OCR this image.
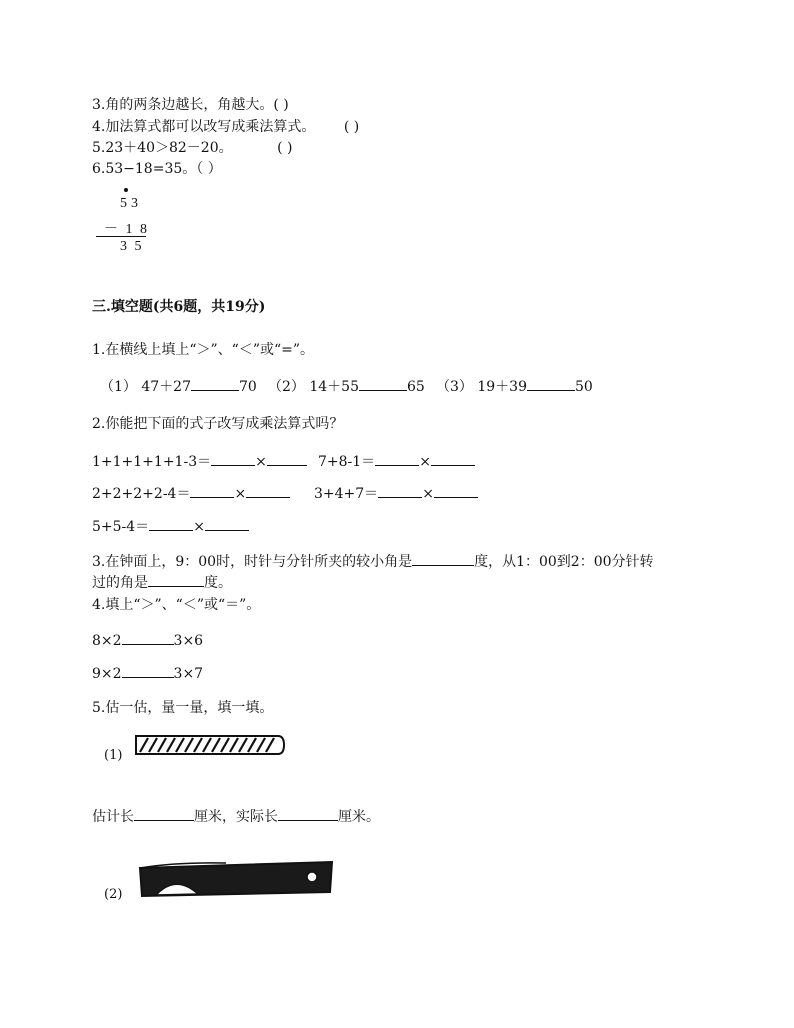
3.角的两条边越长，角越大。( )
4.加法算式都可以改写成乘法算式。 ( )
5.23＋40＞82－20。	( )
6.53−18=35。（ ）
53
－ 1 8
3 5
三.填空题(共6题，共19分)
1.在横线上填上“＞”、“＜”或“=”。
（1） 47＋27	70 （2） 14＋55	65 （3） 19＋39	50
2.你能把下面的式子改写成乘法算式吗？
1+1+1+1+1-3＝	×	7+8-1＝	×
2+2+2+2-4＝	×	3+4+7＝	×
5+5-4＝	×
3.在钟面上，9：00时，时针与分针所夹的较小角是	度，从1：00到2：00分针转
过的角是	度。
4.填上“＞”、“＜”或“＝”。
8×2	3×6
9×2	3×7
5.估一估，量一量，填一填。
(1)
估计长	厘米，实际长	厘米。
(2)
